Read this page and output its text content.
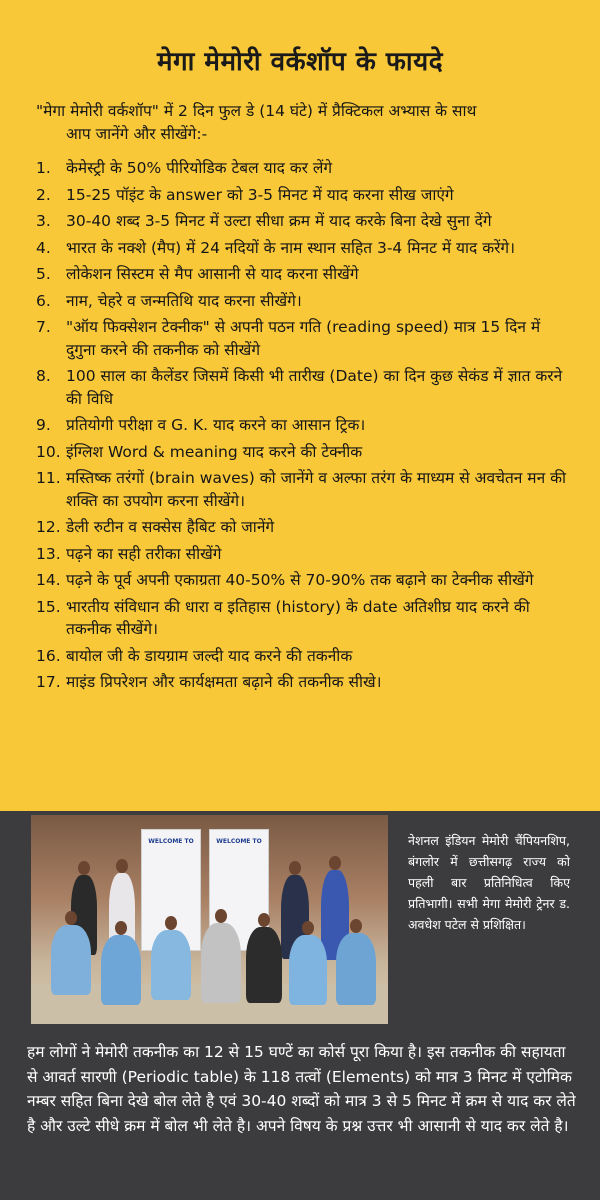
मेगा मेमोरी वर्कशॉप के फायदे
"मेगा मेमोरी वर्कशॉप" में 2 दिन फुल डे (14 घंटे) में प्रैक्टिकल अभ्यास के साथ
आप जानेंगे और सीखेंगे:-
1. केमेस्ट्री के 50% पीरियोडिक टेबल याद कर लेंगे
2. 15-25 पॉइंट के answer को 3-5 मिनट में याद करना सीख जाएंगे
3. 30-40 शब्द 3-5 मिनट में उल्टा सीधा क्रम में याद करके बिना देखे सुना देंगे
4. भारत के नक्शे (मैप) में 24 नदियों के नाम स्थान सहित 3-4 मिनट में याद करेंगे।
5. लोकेशन सिस्टम से मैप आसानी से याद करना सीखेंगे
6. नाम, चेहरे व जन्मतिथि याद करना सीखेंगे।
7. "ऑय फिक्सेशन टेक्नीक" से अपनी पठन गति (reading speed) मात्र 15 दिन में दुगुना करने की तकनीक को सीखेंगे
8. 100 साल का कैलेंडर जिसमें किसी भी तारीख (Date) का दिन कुछ सेकंड में ज्ञात करने की विधि
9. प्रतियोगी परीक्षा व G. K. याद करने का आसान ट्रिक।
10. इंग्लिश Word & meaning याद करने की टेक्नीक
11. मस्तिष्क तरंगों (brain waves) को जानेंगे व अल्फा तरंग के माध्यम से अवचेतन मन की शक्ति का उपयोग करना सीखेंगे।
12. डेली रुटीन व सक्सेस हैबिट को जानेंगे
13. पढ़ने का सही तरीका सीखेंगे
14. पढ़ने के पूर्व अपनी एकाग्रता 40-50% से 70-90% तक बढ़ाने का टेक्नीक सीखेंगे
15. भारतीय संविधान की धारा व इतिहास (history) के date अतिशीघ्र याद करने की तकनीक सीखेंगे।
16. बायोल जी के डायग्राम जल्दी याद करने की तकनीक
17. माइंड प्रिपरेशन और कार्यक्षमता बढ़ाने की तकनीक सीखे।
WELCOME TO	WELCOME TO	नेशनल इंडियन मेमोरी चैंपियनशिप, बंगलोर में छत्तीसगढ़ राज्य को पहली बार प्रतिनिधित्व किए प्रतिभागी। सभी मेगा मेमोरी ट्रेनर ड. अवधेश पटेल से प्रशिक्षित।
हम लोगों ने मेमोरी तकनीक का 12 से 15 घण्टें का कोर्स पूरा किया है। इस तकनीक की सहायता से आवर्त सारणी (Periodic table) के 118 तत्वों (Elements) को मात्र 3 मिनट में एटोमिक नम्बर सहित बिना देखे बोल लेते है एवं 30-40 शब्दों को मात्र 3 से 5 मिनट में क्रम से याद कर लेते है और उल्टे सीधे क्रम में बोल भी लेते है। अपने विषय के प्रश्न उत्तर भी आसानी से याद कर लेते है।
